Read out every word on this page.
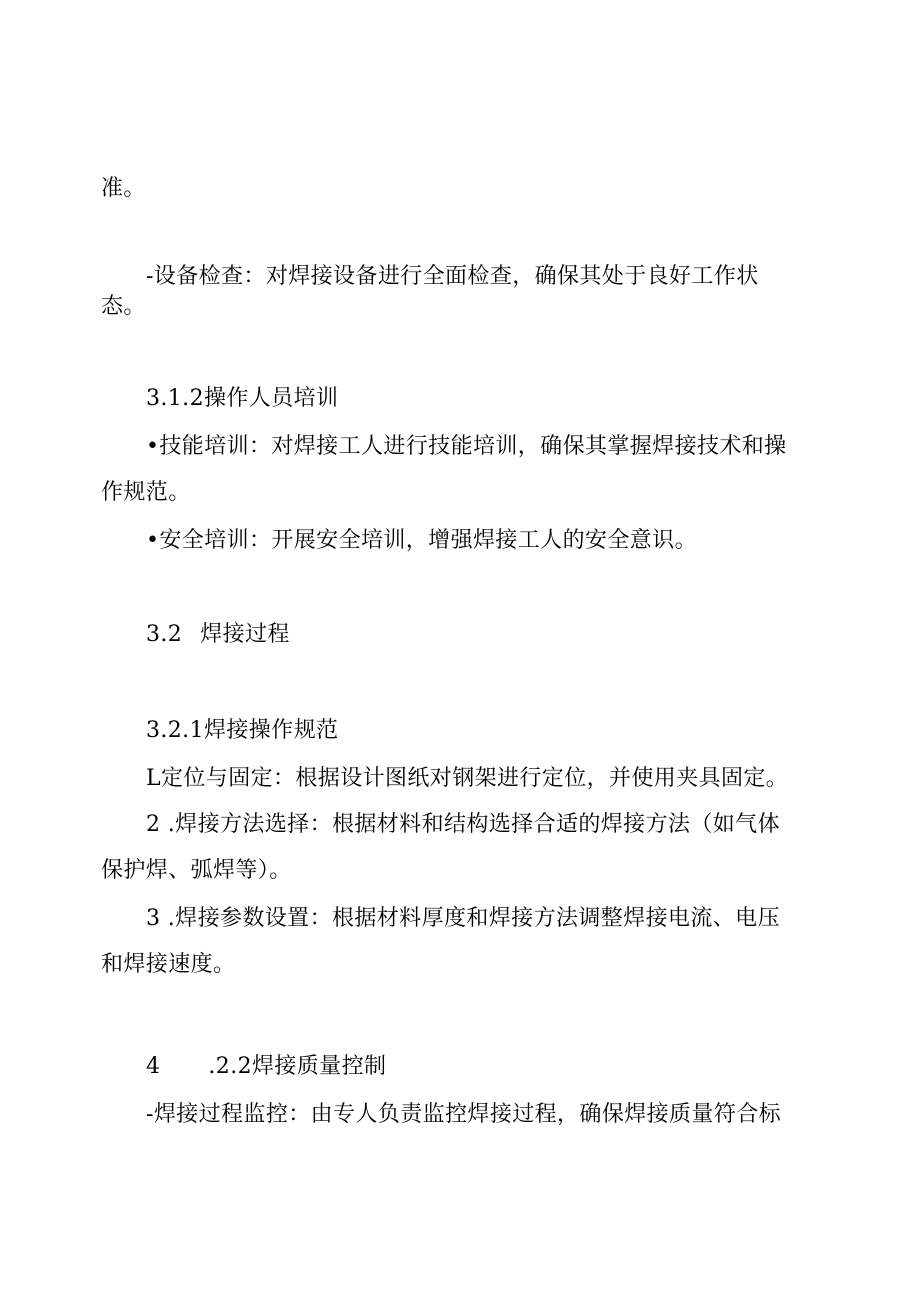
准。
-设备检查：对焊接设备进行全面检查，确保其处于良好工作状
态。
3.1.2操作人员培训
•技能培训：对焊接工人进行技能培训，确保其掌握焊接技术和操
作规范。
•安全培训：开展安全培训，增强焊接工人的安全意识。
3.2 焊接过程
3.2.1焊接操作规范
L定位与固定：根据设计图纸对钢架进行定位，并使用夹具固定。
2 .焊接方法选择：根据材料和结构选择合适的焊接方法（如气体
保护焊、弧焊等）。
3 .焊接参数设置：根据材料厚度和焊接方法调整焊接电流、电压
和焊接速度。
4 .2.2焊接质量控制
-焊接过程监控：由专人负责监控焊接过程，确保焊接质量符合标
